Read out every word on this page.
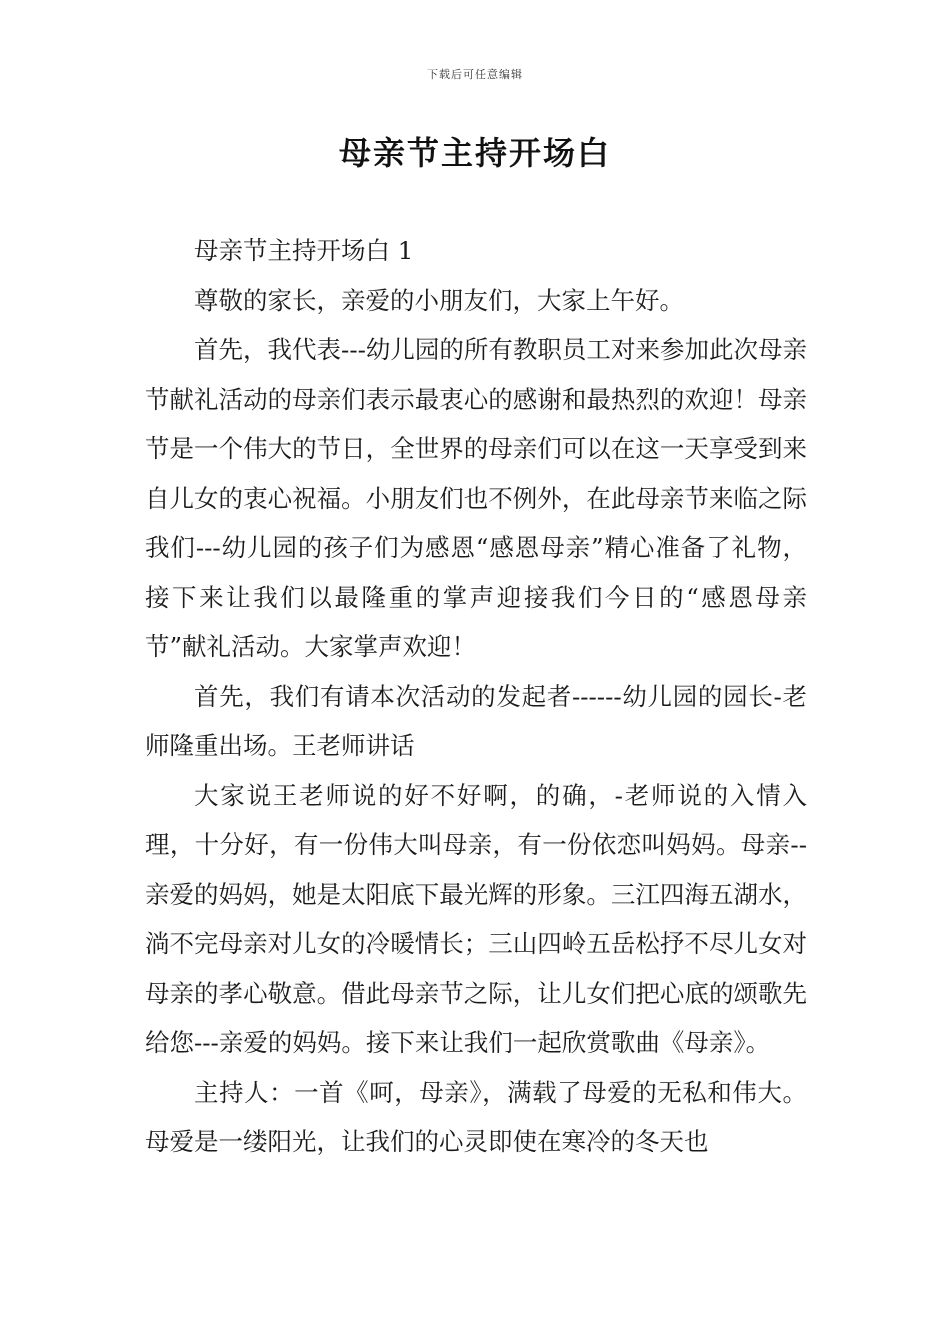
下载后可任意编辑
母亲节主持开场白

母亲节主持开场白 1

尊敬的家长，亲爱的小朋友们，大家上午好。

首先，我代表---幼儿园的所有教职员工对来参加此次母亲节献礼活动的母亲们表示最衷心的感谢和最热烈的欢迎！母亲节是一个伟大的节日，全世界的母亲们可以在这一天享受到来自儿女的衷心祝福。小朋友们也不例外，在此母亲节来临之际我们---幼儿园的孩子们为感恩“感恩母亲”精心准备了礼物，接下来让我们以最隆重的掌声迎接我们今日的“感恩母亲节”献礼活动。大家掌声欢迎！

首先，我们有请本次活动的发起者------幼儿园的园长-老师隆重出场。王老师讲话

大家说王老师说的好不好啊，的确，-老师说的入情入理，十分好，有一份伟大叫母亲，有一份依恋叫妈妈。母亲--亲爱的妈妈，她是太阳底下最光辉的形象。三江四海五湖水，淌不完母亲对儿女的冷暖情长；三山四岭五岳松抒不尽儿女对母亲的孝心敬意。借此母亲节之际，让儿女们把心底的颂歌先给您---亲爱的妈妈。接下来让我们一起欣赏歌曲《母亲》。

主持人：一首《呵，母亲》，满载了母爱的无私和伟大。母爱是一缕阳光，让我们的心灵即使在寒冷的冬天也
